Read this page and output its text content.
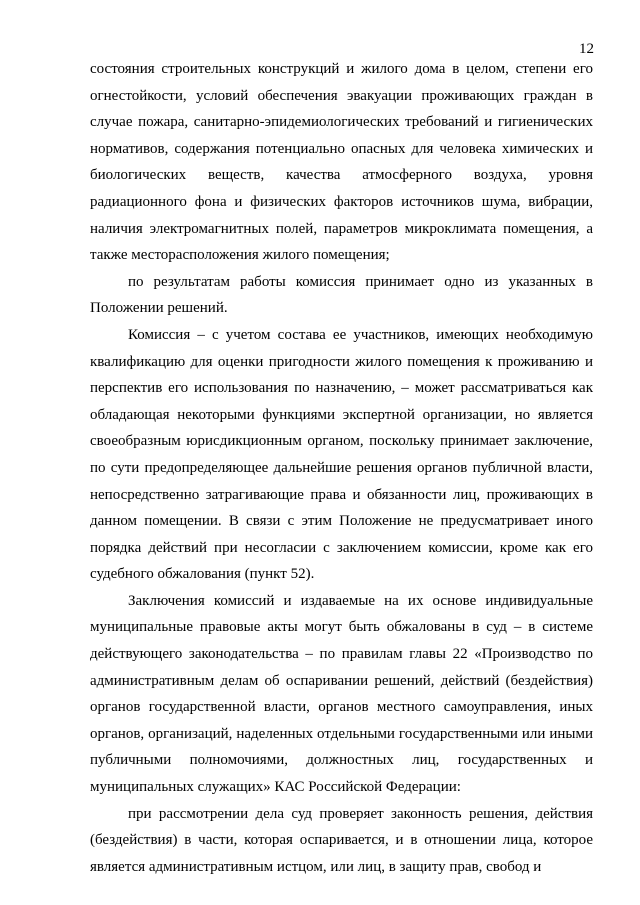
12

состояния строительных конструкций и жилого дома в целом, степени его огнестойкости, условий обеспечения эвакуации проживающих граждан в случае пожара, санитарно-эпидемиологических требований и гигиенических нормативов, содержания потенциально опасных для человека химических и биологических веществ, качества атмосферного воздуха, уровня радиационного фона и физических факторов источников шума, вибрации, наличия электромагнитных полей, параметров микроклимата помещения, а также месторасположения жилого помещения;

по результатам работы комиссия принимает одно из указанных в Положении решений.

Комиссия – с учетом состава ее участников, имеющих необходимую квалификацию для оценки пригодности жилого помещения к проживанию и перспектив его использования по назначению, – может рассматриваться как обладающая некоторыми функциями экспертной организации, но является своеобразным юрисдикционным органом, поскольку принимает заключение, по сути предопределяющее дальнейшие решения органов публичной власти, непосредственно затрагивающие права и обязанности лиц, проживающих в данном помещении. В связи с этим Положение не предусматривает иного порядка действий при несогласии с заключением комиссии, кроме как его судебного обжалования (пункт 52).

Заключения комиссий и издаваемые на их основе индивидуальные муниципальные правовые акты могут быть обжалованы в суд – в системе действующего законодательства – по правилам главы 22 «Производство по административным делам об оспаривании решений, действий (бездействия) органов государственной власти, органов местного самоуправления, иных органов, организаций, наделенных отдельными государственными или иными публичными полномочиями, должностных лиц, государственных и муниципальных служащих» КАС Российской Федерации:

при рассмотрении дела суд проверяет законность решения, действия (бездействия) в части, которая оспаривается, и в отношении лица, которое является административным истцом, или лиц, в защиту прав, свобод и
